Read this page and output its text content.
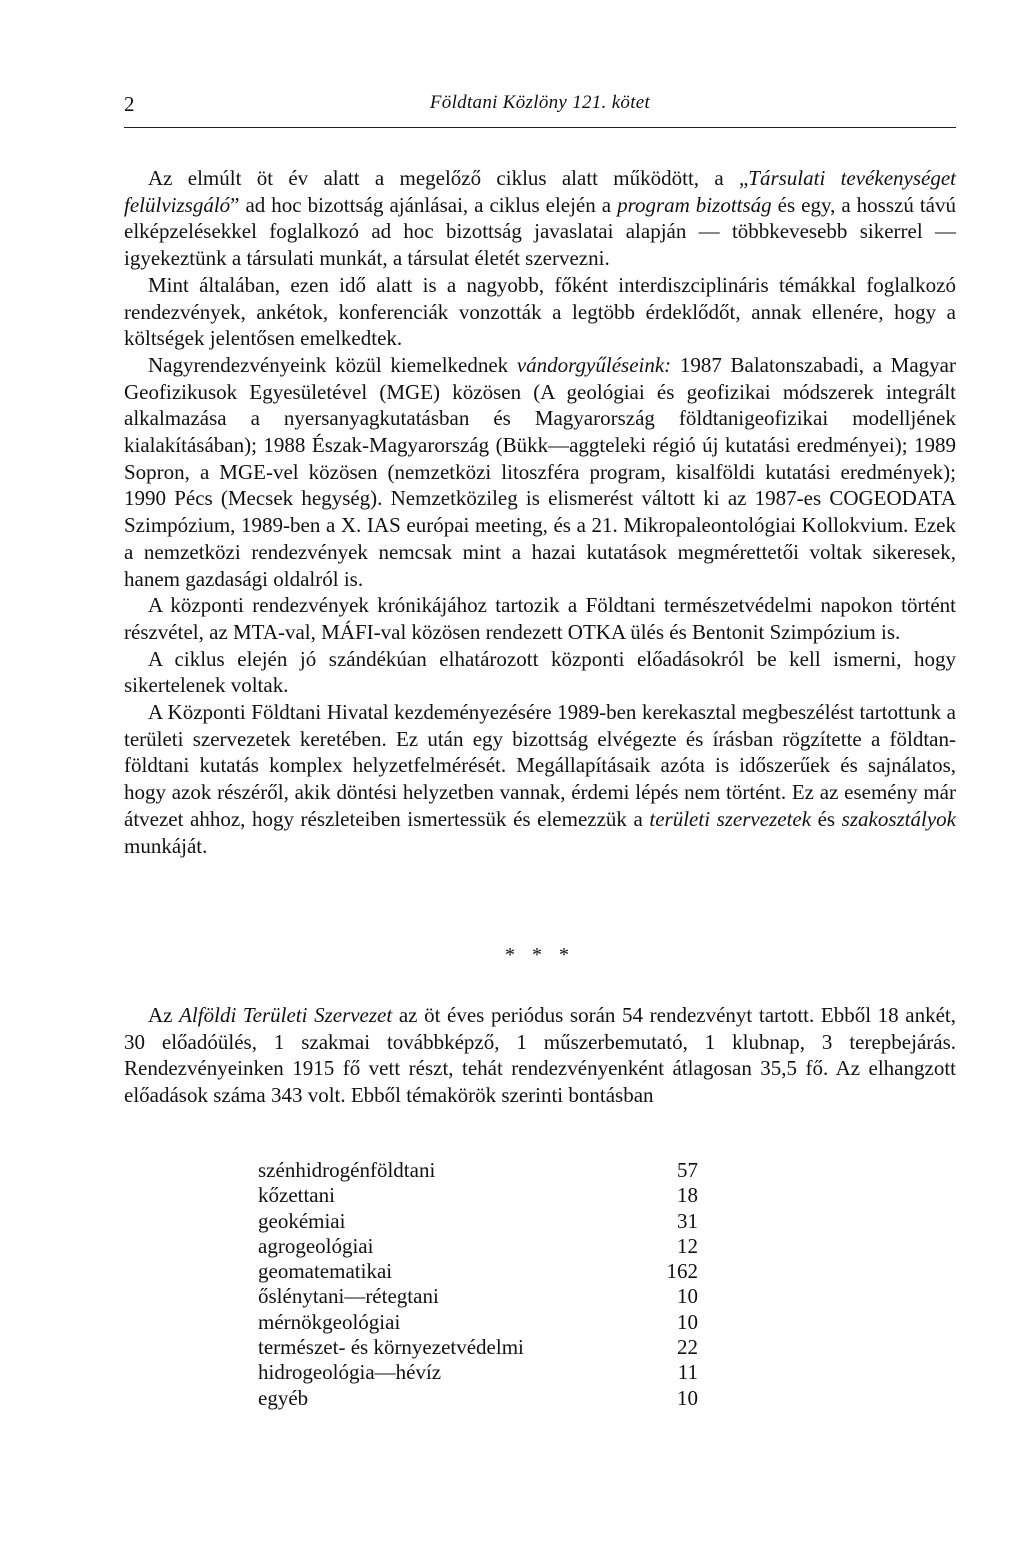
2	Földtani Közlöny 121. kötet

Az elmúlt öt év alatt a megelőző ciklus alatt működött, a „Társulati tevékenységet felülvizsgáló” ad hoc bizottság ajánlásai, a ciklus elején a program bizottság és egy, a hosszú távú elképzelésekkel foglalkozó ad hoc bizottság javaslatai alapján — többkevesebb sikerrel — igyekeztünk a társulati munkát, a társulat életét szervezni.

Mint általában, ezen idő alatt is a nagyobb, főként interdiszciplináris témákkal foglalkozó rendezvények, ankétok, konferenciák vonzották a legtöbb érdeklődőt, annak ellenére, hogy a költségek jelentősen emelkedtek.

Nagyrendezvényeink közül kiemelkednek vándorgyűléseink: 1987 Balatonszabadi, a Magyar Geofizikusok Egyesületével (MGE) közösen (A geológiai és geofizikai módszerek integrált alkalmazása a nyersanyagkutatásban és Magyarország földtanigeofizikai modelljének kialakításában); 1988 Észak-Magyarország (Bükk—aggteleki régió új kutatási eredményei); 1989 Sopron, a MGE-vel közösen (nemzetközi litoszféra program, kisalföldi kutatási eredmények); 1990 Pécs (Mecsek hegység). Nemzetközileg is elismerést váltott ki az 1987-es COGEODATA Szimpózium, 1989-ben a X. IAS európai meeting, és a 21. Mikropaleontológiai Kollokvium. Ezek a nemzetközi rendezvények nemcsak mint a hazai kutatások megmérettetői voltak sikeresek, hanem gazdasági oldalról is.

A központi rendezvények krónikájához tartozik a Földtani természetvédelmi napokon történt részvétel, az MTA-val, MÁFI-val közösen rendezett OTKA ülés és Bentonit Szimpózium is.

A ciklus elején jó szándékúan elhatározott központi előadásokról be kell ismerni, hogy sikertelenek voltak.

A Központi Földtani Hivatal kezdeményezésére 1989-ben kerekasztal megbeszélést tartottunk a területi szervezetek keretében. Ez után egy bizottság elvégezte és írásban rögzítette a földtan-földtani kutatás komplex helyzetfelmérését. Megállapításaik azóta is időszerűek és sajnálatos, hogy azok részéről, akik döntési helyzetben vannak, érdemi lépés nem történt. Ez az esemény már átvezet ahhoz, hogy részleteiben ismertessük és elemezzük a területi szervezetek és szakosztályok munkáját.

* * *

Az Alföldi Területi Szervezet az öt éves periódus során 54 rendezvényt tartott. Ebből 18 ankét, 30 előadóülés, 1 szakmai továbbképző, 1 műszerbemutató, 1 klubnap, 3 terepbejárás. Rendezvényeinken 1915 fő vett részt, tehát rendezvényenként átlagosan 35,5 fő. Az elhangzott előadások száma 343 volt. Ebből témakörök szerinti bontásban

szénhidrogénföldtani	57
kőzettani	18
geokémiai	31
agrogeológiai	12
geomatematikai	162
őslénytani—rétegtani	10
mérnökgeológiai	10
természet- és környezetvédelmi	22
hidrogeológia—hévíz	11
egyéb	10
